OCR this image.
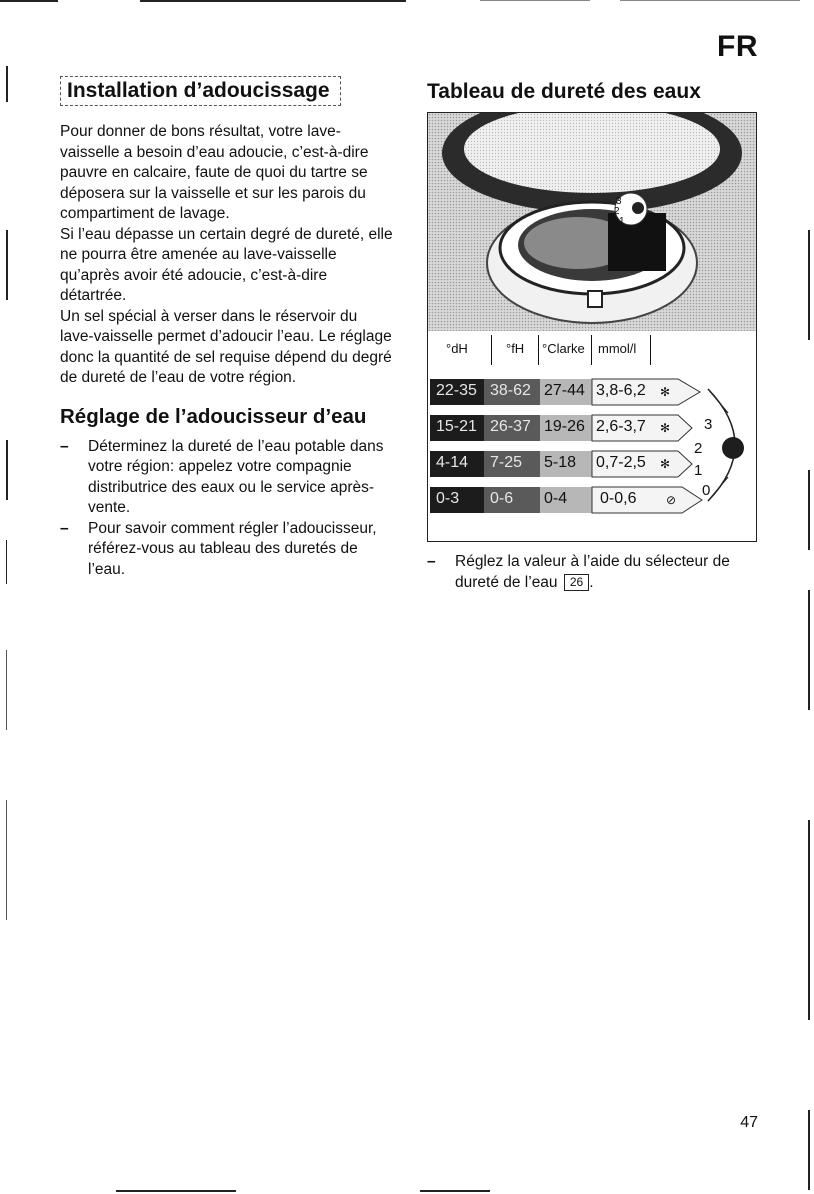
FR
Installation d’adoucissage

Pour donner de bons résultat, votre lave-vaisselle a besoin d’eau adoucie, c’est-à-dire pauvre en calcaire, faute de quoi du tartre se déposera sur la vaisselle et sur les parois du compartiment de lavage.

Si l’eau dépasse un certain degré de dureté, elle ne pourra être amenée au lave-vaisselle qu’après avoir été adoucie, c’est-à-dire détartrée.

Un sel spécial à verser dans le réservoir du lave-vaisselle permet d’adoucir l’eau. Le réglage donc la quantité de sel requise dépend du degré de dureté de l’eau de votre région.

Réglage de l’adoucisseur d’eau
– Déterminez la dureté de l’eau potable dans votre région: appelez votre compagnie distributrice des eaux ou le service après-vente.
– Pour savoir comment régler l’adoucisseur, référez-vous au tableau des duretés de l’eau.
Tableau de dureté des eaux
3
2
1
0
°dH	°fH °Clarke mmol/l
22-35 38-62 27-44 3,8-6,2 ✻
15-21 26-37 19-26 2,6-3,7 ✻
4-14 7-25 5-18 0,7-2,5 ✻
0-3 0-6 0-4 0-0,6 ⊘
3
2
1
0
– Réglez la valeur à l’aide du sélecteur de dureté de l’eau 26 .
47
